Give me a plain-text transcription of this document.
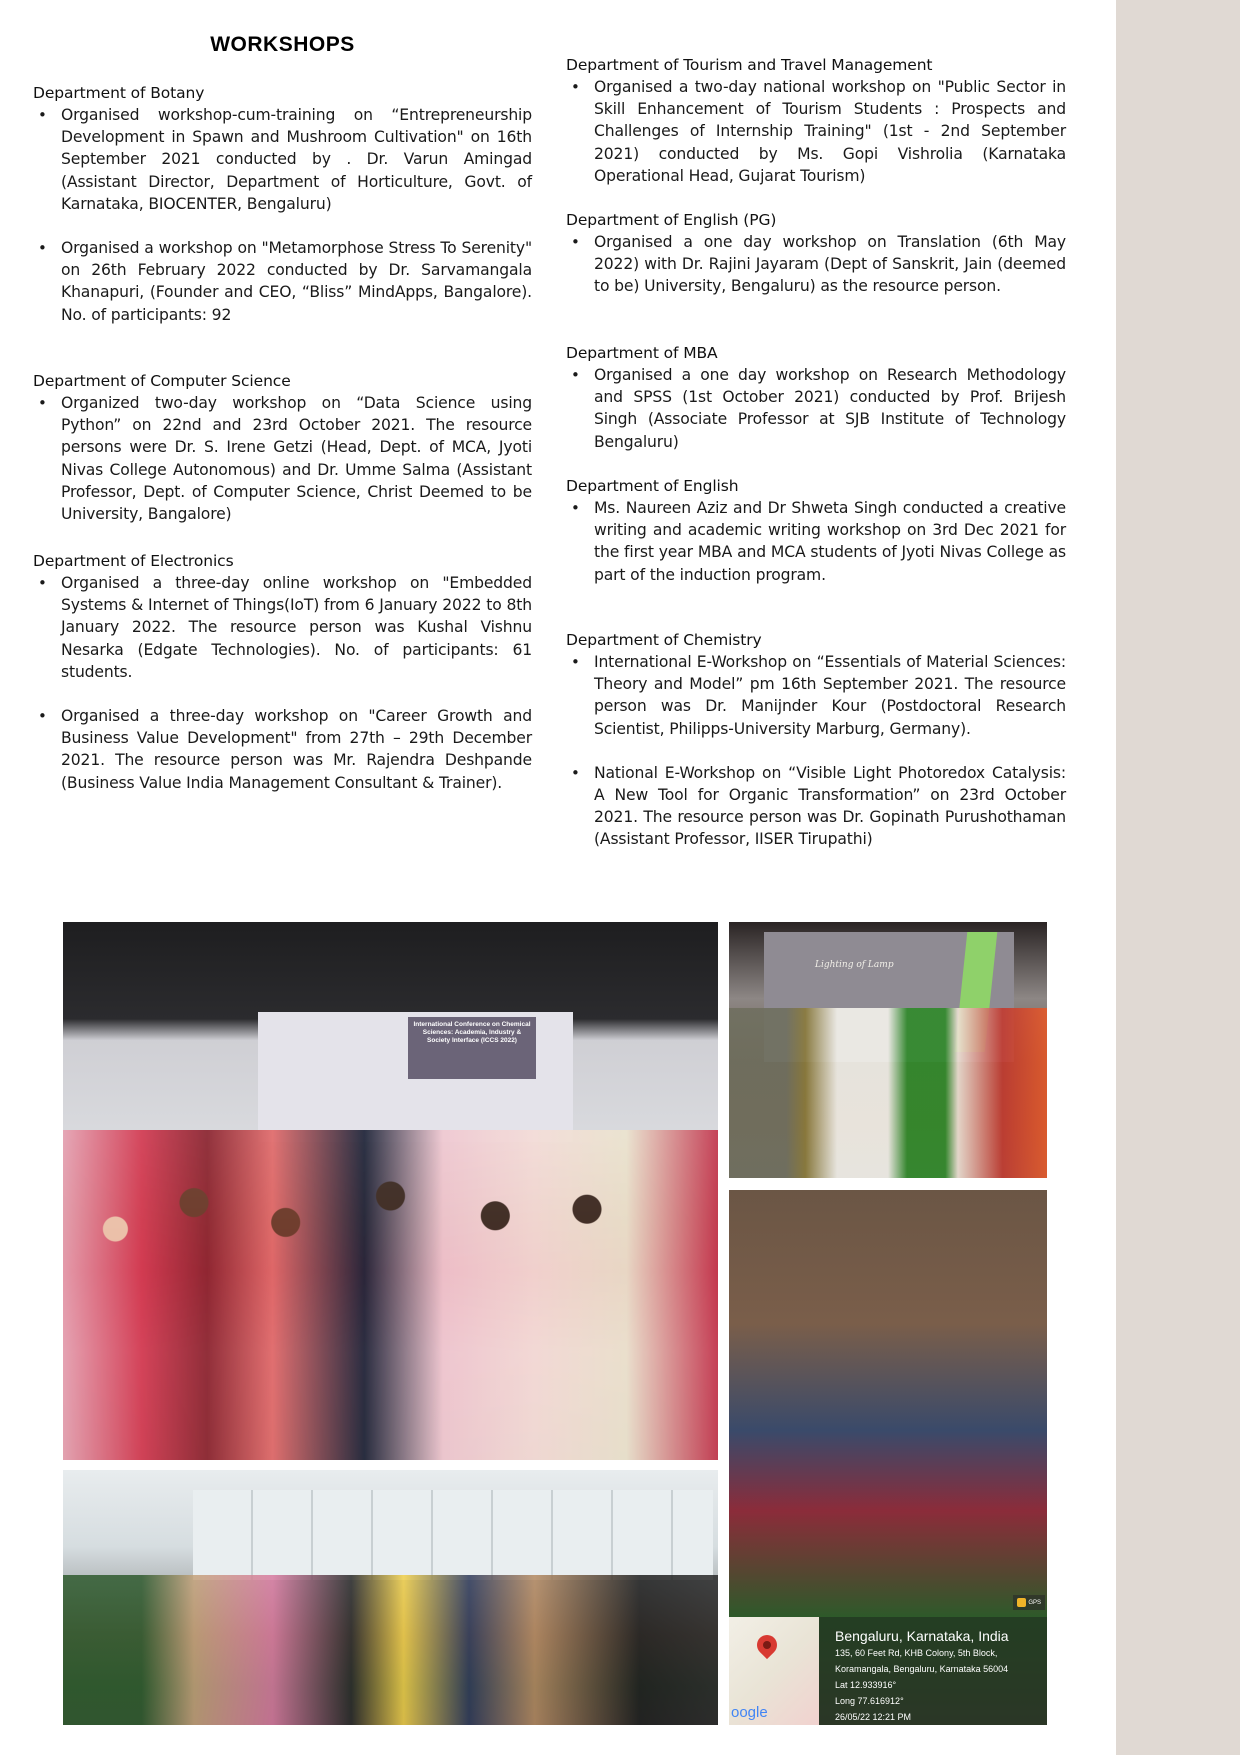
WORKSHOPS

Department of Botany

• Organised workshop-cum-training on “Entrepreneurship Development in Spawn and Mushroom Cultivation" on 16th September 2021 conducted by . Dr. Varun Amingad (Assistant Director, Department of Horticulture, Govt. of Karnataka, BIOCENTER, Bengaluru)
• Organised a workshop on "Metamorphose Stress To Serenity" on 26th February 2022 conducted by Dr. Sarvamangala Khanapuri, (Founder and CEO, “Bliss” MindApps, Bangalore). No. of participants: 92

Department of Computer Science

• Organized two-day workshop on “Data Science using Python” on 22nd and 23rd October 2021. The resource persons were Dr. S. Irene Getzi (Head, Dept. of MCA, Jyoti Nivas College Autonomous) and Dr. Umme Salma (Assistant Professor, Dept. of Computer Science, Christ Deemed to be University, Bangalore)

Department of Electronics

• Organised a three-day online workshop on "Embedded Systems & Internet of Things(IoT) from 6 January 2022 to 8th January 2022. The resource person was Kushal Vishnu Nesarka (Edgate Technologies). No. of participants: 61 students.
• Organised a three-day workshop on "Career Growth and Business Value Development" from 27th – 29th December 2021. The resource person was Mr. Rajendra Deshpande (Business Value India Management Consultant & Trainer).

Department of Tourism and Travel Management

• Organised a two-day national workshop on "Public Sector in Skill Enhancement of Tourism Students : Prospects and Challenges of Internship Training" (1st - 2nd September 2021) conducted by Ms. Gopi Vishrolia (Karnataka Operational Head, Gujarat Tourism)

Department of English (PG)

• Organised a one day workshop on Translation (6th May 2022) with Dr. Rajini Jayaram (Dept of Sanskrit, Jain (deemed to be) University, Bengaluru) as the resource person.

Department of MBA

• Organised a one day workshop on Research Methodology and SPSS (1st October 2021) conducted by Prof. Brijesh Singh (Associate Professor at SJB Institute of Technology Bengaluru)

Department of English

• Ms. Naureen Aziz and Dr Shweta Singh conducted a creative writing and academic writing workshop on 3rd Dec 2021 for the first year MBA and MCA students of Jyoti Nivas College as part of the induction program.

Department of Chemistry

• International E-Workshop on “Essentials of Material Sciences: Theory and Model” pm 16th September 2021. The resource person was Dr. Manijnder Kour (Postdoctoral Research Scientist, Philipps-University Marburg, Germany).
• National E-Workshop on “Visible Light Photoredox Catalysis: A New Tool for Organic Transformation” on 23rd October 2021. The resource person was Dr. Gopinath Purushothaman (Assistant Professor, IISER Tirupathi)
International Conference on Chemical Sciences: Academia, Industry & Society Interface (ICCS 2022)
Lighting of Lamp
GPS
oogle
Bengaluru, Karnataka, India
135, 60 Feet Rd, KHB Colony, 5th Block,
Koramangala, Bengaluru, Karnataka 56004
Lat 12.933916°
Long 77.616912°
26/05/22 12:21 PM
